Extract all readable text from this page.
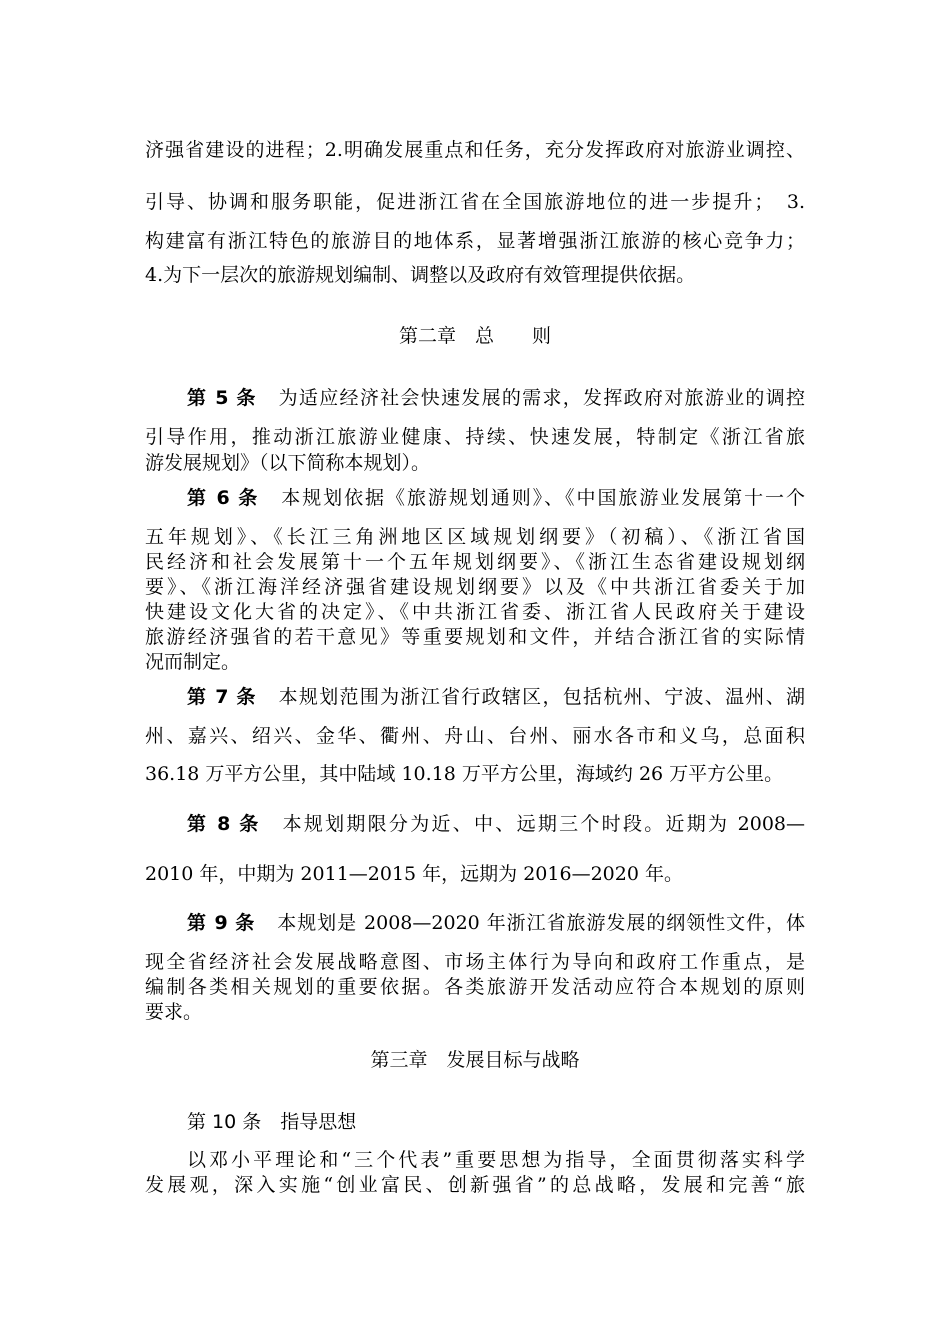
济强省建设的进程；2.明确发展重点和任务，充分发挥政府对旅游业调控、
引导、协调和服务职能，促进浙江省在全国旅游地位的进一步提升；　3.
构建富有浙江特色的旅游目的地体系，显著增强浙江旅游的核心竞争力；
4.为下一层次的旅游规划编制、调整以及政府有效管理提供依据。
第二章　总　　则
第 5 条 为适应经济社会快速发展的需求，发挥政府对旅游业的调控
引导作用，推动浙江旅游业健康、持续、快速发展，特制定《浙江省旅
游发展规划》（以下简称本规划）。
第 6 条 本规划依据《旅游规划通则》、《中国旅游业发展第十一个
五年规划》、《长江三角洲地区区域规划纲要》（初稿）、《浙江省国
民经济和社会发展第十一个五年规划纲要》、《浙江生态省建设规划纲
要》、《浙江海洋经济强省建设规划纲要》以及《中共浙江省委关于加
快建设文化大省的决定》、《中共浙江省委、浙江省人民政府关于建设
旅游经济强省的若干意见》等重要规划和文件，并结合浙江省的实际情
况而制定。
第 7 条 本规划范围为浙江省行政辖区，包括杭州、宁波、温州、湖
州、嘉兴、绍兴、金华、衢州、舟山、台州、丽水各市和义乌，总面积
36.18 万平方公里，其中陆域 10.18 万平方公里，海域约 26 万平方公里。
第 8 条 本规划期限分为近、中、远期三个时段。近期为 2008—
2010 年，中期为 2011—2015 年，远期为 2016—2020 年。
第 9 条 本规划是 2008—2020 年浙江省旅游发展的纲领性文件，体
现全省经济社会发展战略意图、市场主体行为导向和政府工作重点，是
编制各类相关规划的重要依据。各类旅游开发活动应符合本规划的原则
要求。
第三章　发展目标与战略
第 10 条　指导思想
以邓小平理论和“三个代表”重要思想为指导，全面贯彻落实科学
发展观，深入实施“创业富民、创新强省”的总战略，发展和完善“旅
